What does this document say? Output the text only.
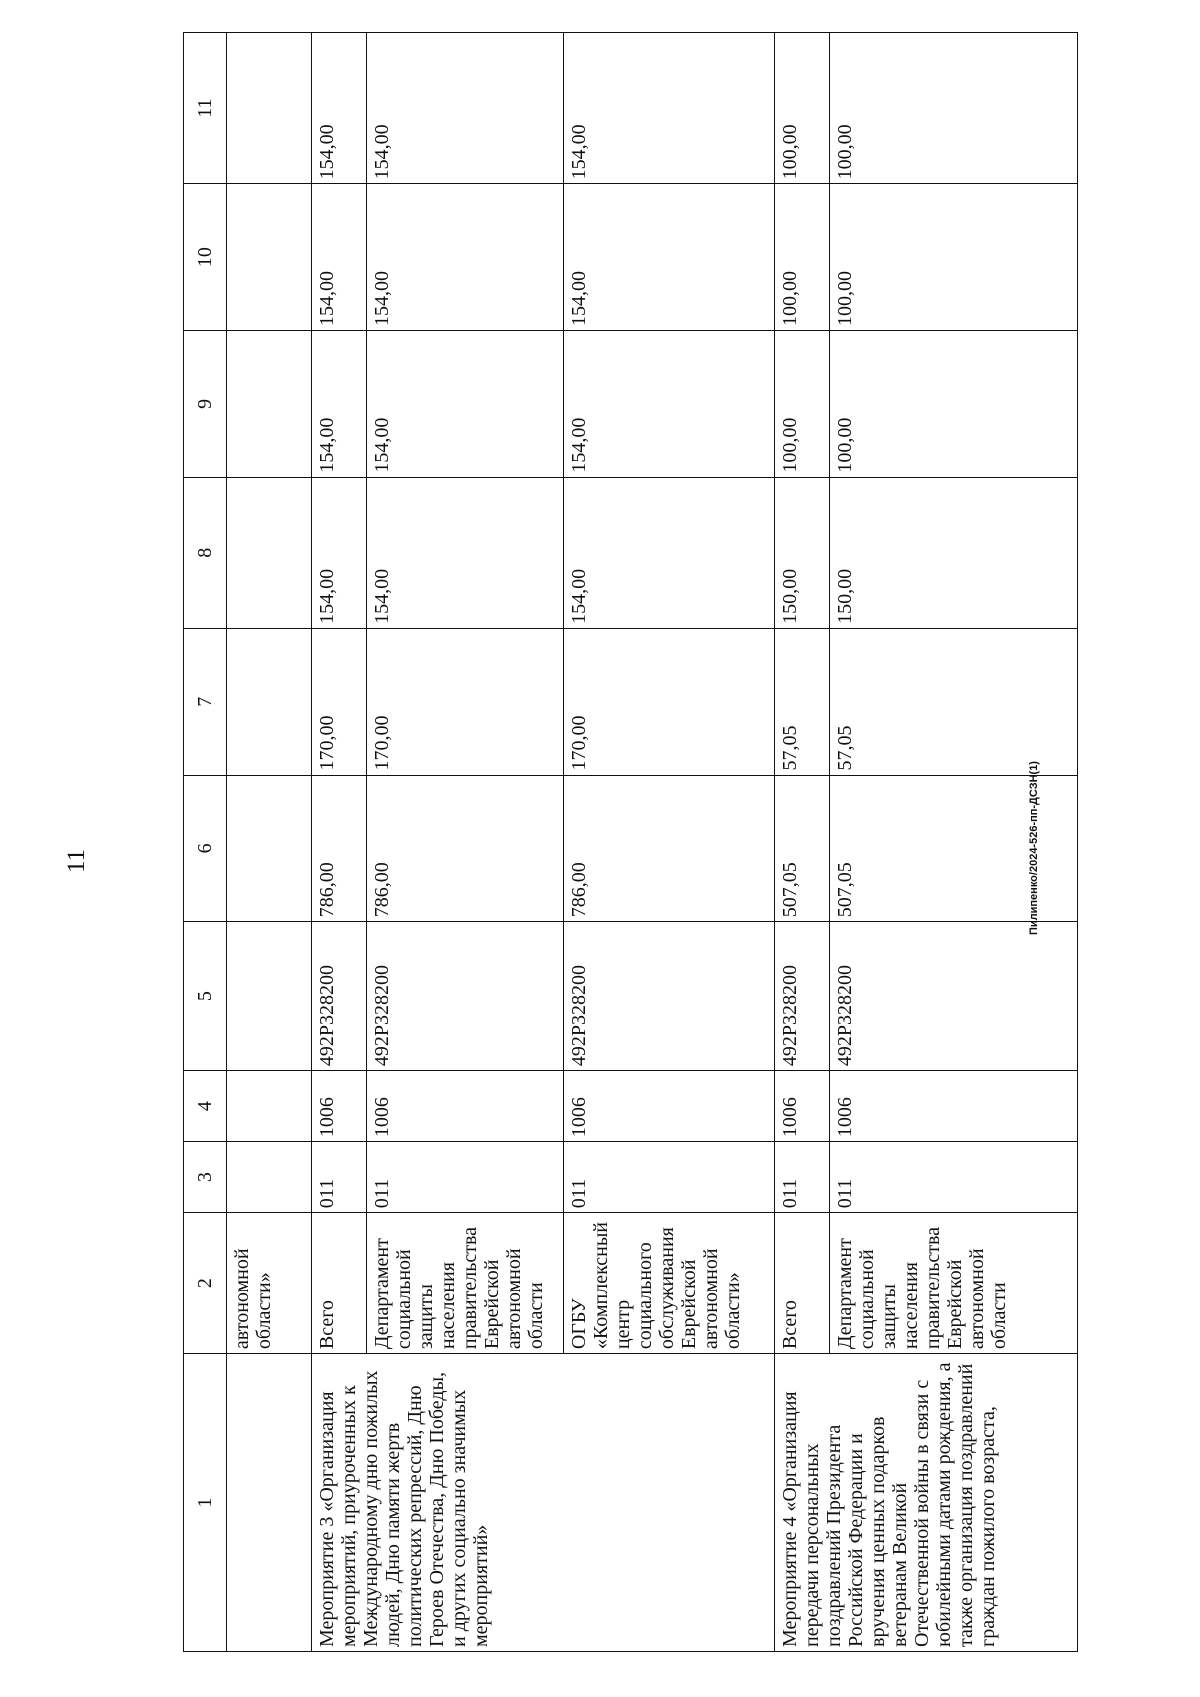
11
1	2	3	4	5	6	7	8	9	10	11
	автономной области»									
Мероприятие 3 «Организация мероприятий, приуроченных к Международному дню пожилых людей, Дню памяти жертв политических репрессий, Дню Героев Отечества, Дню Победы, и других социально значимых мероприятий»	Всего	011	1006	492Р328200	786,00	170,00	154,00	154,00	154,00	154,00
	Департамент социальной защиты населения правительства Еврейской автономной области	011	1006	492Р328200	786,00	170,00	154,00	154,00	154,00	154,00
	ОГБУ «Комплексный центр социального обслуживания Еврейской автономной области»	011	1006	492Р328200	786,00	170,00	154,00	154,00	154,00	154,00
Мероприятие 4 «Организация передачи персональных поздравлений Президента Российской Федерации и вручения ценных подарков ветеранам Великой Отечественной войны в связи с юбилейными датами рождения, а также организация поздравлений граждан пожилого возраста,	Всего	011	1006	492Р328200	507,05	57,05	150,00	100,00	100,00	100,00
	Департамент социальной защиты населения правительства Еврейской автономной области	011	1006	492Р328200	507,05	57,05	150,00	100,00	100,00	100,00
Пилипенко/2024-526-пп-ДСЗН(1)
